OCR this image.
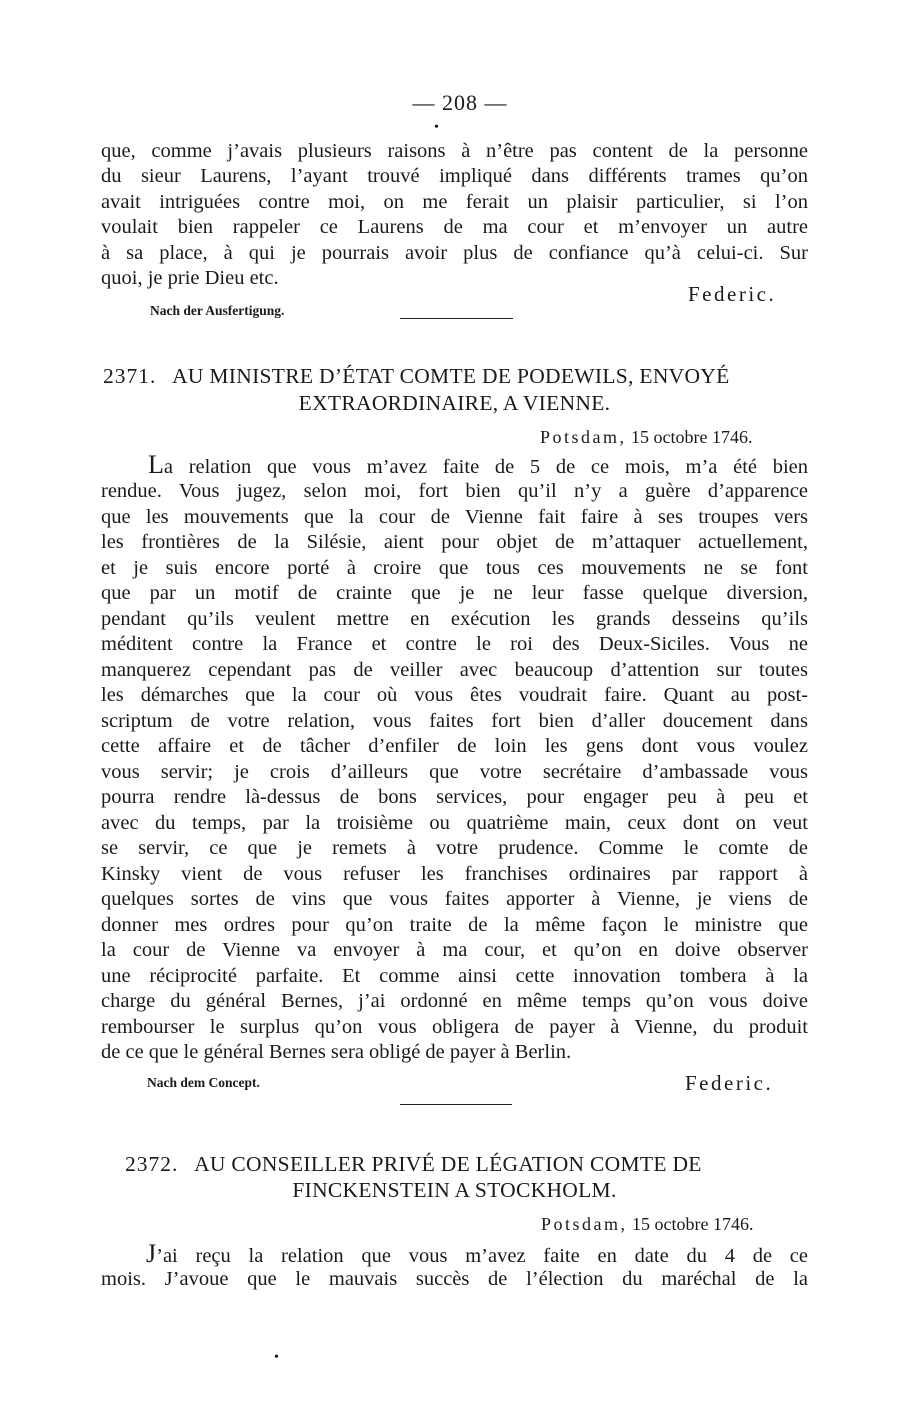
— 208 —
•
que, comme j’avais plusieurs raisons à n’être pas content de la personne
du sieur Laurens, l’ayant trouvé impliqué dans différents trames qu’on
avait intriguées contre moi, on me ferait un plaisir particulier, si l’on
voulait bien rappeler ce Laurens de ma cour et m’envoyer un autre
à sa place, à qui je pourrais avoir plus de confiance qu’à celui-ci. Sur
quoi, je prie Dieu etc.
Federic.
Nach der Ausfertigung.
2371. AU MINISTRE D’ÉTAT COMTE DE PODEWILS, ENVOYÉ
EXTRAORDINAIRE, A VIENNE.
Potsdam, 15 octobre 1746.
La relation que vous m’avez faite de 5 de ce mois, m’a été bien
rendue. Vous jugez, selon moi, fort bien qu’il n’y a guère d’apparence
que les mouvements que la cour de Vienne fait faire à ses troupes vers
les frontières de la Silésie, aient pour objet de m’attaquer actuellement,
et je suis encore porté à croire que tous ces mouvements ne se font
que par un motif de crainte que je ne leur fasse quelque diversion,
pendant qu’ils veulent mettre en exécution les grands desseins qu’ils
méditent contre la France et contre le roi des Deux-Siciles. Vous ne
manquerez cependant pas de veiller avec beaucoup d’attention sur toutes
les démarches que la cour où vous êtes voudrait faire. Quant au post-
scriptum de votre relation, vous faites fort bien d’aller doucement dans
cette affaire et de tâcher d’enfiler de loin les gens dont vous voulez
vous servir; je crois d’ailleurs que votre secrétaire d’ambassade vous
pourra rendre là-dessus de bons services, pour engager peu à peu et
avec du temps, par la troisième ou quatrième main, ceux dont on veut
se servir, ce que je remets à votre prudence. Comme le comte de
Kinsky vient de vous refuser les franchises ordinaires par rapport à
quelques sortes de vins que vous faites apporter à Vienne, je viens de
donner mes ordres pour qu’on traite de la même façon le ministre que
la cour de Vienne va envoyer à ma cour, et qu’on en doive observer
une réciprocité parfaite. Et comme ainsi cette innovation tombera à la
charge du général Bernes, j’ai ordonné en même temps qu’on vous doive
rembourser le surplus qu’on vous obligera de payer à Vienne, du produit
de ce que le général Bernes sera obligé de payer à Berlin.
Nach dem Concept.	Federic.
2372. AU CONSEILLER PRIVÉ DE LÉGATION COMTE DE
FINCKENSTEIN A STOCKHOLM.
Potsdam, 15 octobre 1746.
J’ai reçu la relation que vous m’avez faite en date du 4 de ce
mois. J’avoue que le mauvais succès de l’élection du maréchal de la
•
